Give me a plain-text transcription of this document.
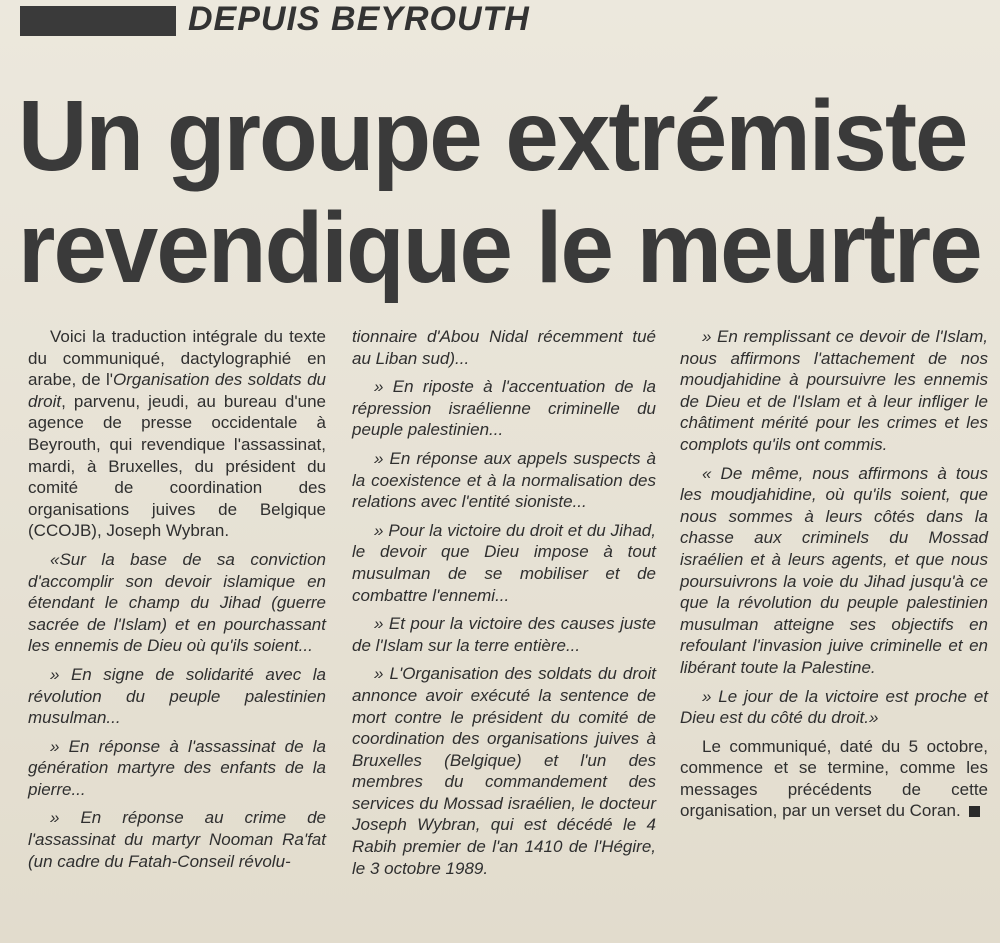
DEPUIS BEYROUTH
Un groupe extrémiste
revendique le meurtre

Voici la traduction intégrale du texte du communiqué, dactylographié en arabe, de l'Organisation des soldats du droit, parvenu, jeudi, au bureau d'une agence de presse occidentale à Beyrouth, qui revendique l'assassinat, mardi, à Bruxelles, du président du comité de coordination des organisations juives de Belgique (CCOJB), Joseph Wybran.

«Sur la base de sa conviction d'accomplir son devoir islamique en étendant le champ du Jihad (guerre sacrée de l'Islam) et en pourchassant les ennemis de Dieu où qu'ils soient...

» En signe de solidarité avec la révolution du peuple palestinien musulman...

» En réponse à l'assassinat de la génération martyre des enfants de la pierre...

» En réponse au crime de l'assassinat du martyr Nooman Ra'fat (un cadre du Fatah-Conseil révolu-

tionnaire d'Abou Nidal récemment tué au Liban sud)...

» En riposte à l'accentuation de la répression israélienne criminelle du peuple palestinien...

» En réponse aux appels suspects à la coexistence et à la normalisation des relations avec l'entité sioniste...

» Pour la victoire du droit et du Jihad, le devoir que Dieu impose à tout musulman de se mobiliser et de combattre l'ennemi...

» Et pour la victoire des causes juste de l'Islam sur la terre entière...

» L'Organisation des soldats du droit annonce avoir exécuté la sentence de mort contre le président du comité de coordination des organisations juives à Bruxelles (Belgique) et l'un des membres du commandement des services du Mossad israélien, le docteur Joseph Wybran, qui est décédé le 4 Rabih premier de l'an 1410 de l'Hégire, le 3 octobre 1989.

» En remplissant ce devoir de l'Islam, nous affirmons l'attachement de nos moudjahidine à poursuivre les ennemis de Dieu et de l'Islam et à leur infliger le châtiment mérité pour les crimes et les complots qu'ils ont commis.

« De même, nous affirmons à tous les moudjahidine, où qu'ils soient, que nous sommes à leurs côtés dans la chasse aux criminels du Mossad israélien et à leurs agents, et que nous poursuivrons la voie du Jihad jusqu'à ce que la révolution du peuple palestinien musulman atteigne ses objectifs en refoulant l'invasion juive criminelle et en libérant toute la Palestine.

» Le jour de la victoire est proche et Dieu est du côté du droit.»

Le communiqué, daté du 5 octobre, commence et se termine, comme les messages précédents de cette organisation, par un verset du Coran.
